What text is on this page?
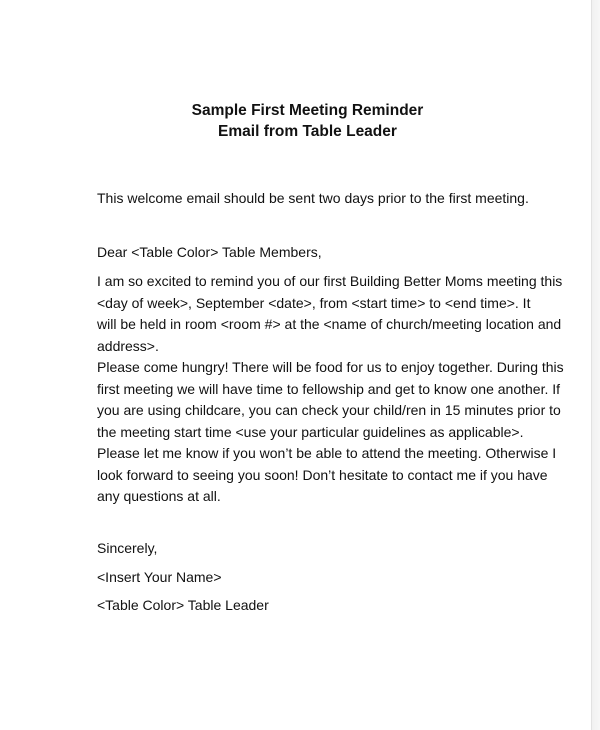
Sample First Meeting Reminder
Email from Table Leader
This welcome email should be sent two days prior to the first meeting.
Dear <Table Color> Table Members,
I am so excited to remind you of our first Building Better Moms meeting this
<day of week>, September <date>, from <start time> to <end time>. It
will be held in room <room #> at the <name of church/meeting location and
address>.
Please come hungry! There will be food for us to enjoy together. During this
first meeting we will have time to fellowship and get to know one another. If
you are using childcare, you can check your child/ren in 15 minutes prior to
the meeting start time <use your particular guidelines as applicable>.
Please let me know if you won’t be able to attend the meeting. Otherwise I
look forward to seeing you soon! Don’t hesitate to contact me if you have
any questions at all.
Sincerely,
<Insert Your Name>
<Table Color> Table Leader
